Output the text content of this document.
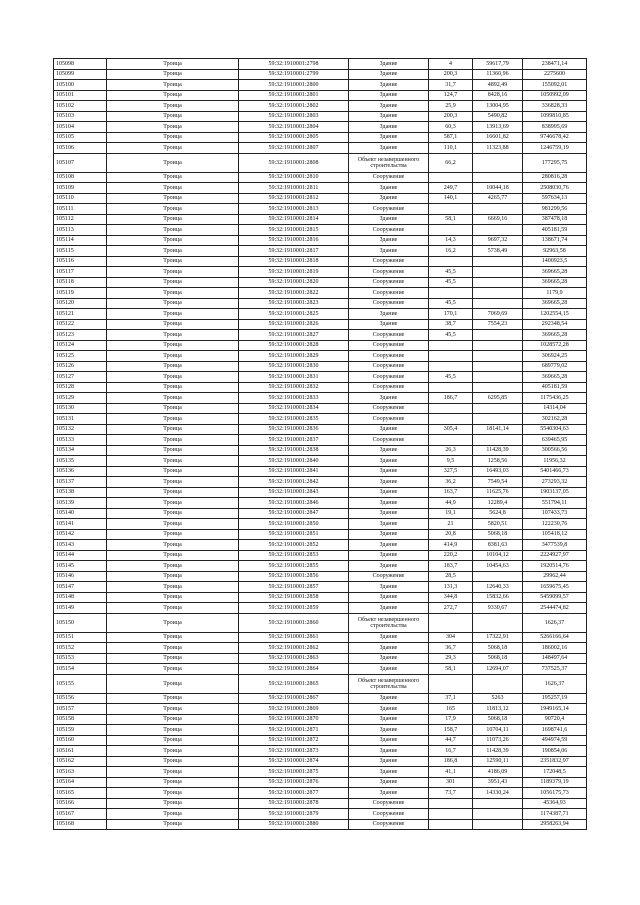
105098	Троица	59:32:1910001:2798	Здание	4	59617,79	238471,14
105099	Троица	59:32:1910001:2799	Здание	200,3	11360,96	2275600
105100	Троица	59:32:1910001:2800	Здание	31,7	4892,49	155092,01
105101	Троица	59:32:1910001:2801	Здание	124,7	8428,16	1050992,09
105102	Троица	59:32:1910001:2802	Здание	25,9	13004,95	336828,33
105103	Троица	59:32:1910001:2803	Здание	200,3	5490,82	1099810,85
105104	Троица	59:32:1910001:2804	Здание	60,3	13913,69	838995,69
105105	Троица	59:32:1910001:2805	Здание	587,1	16601,82	9746678,42
105106	Троица	59:32:1910001:2807	Здание	110,1	11323,88	1246759,19
105107	Троица	59:32:1910001:2808	Объект незавершенного строительства	66,2		177295,75
105108	Троица	59:32:1910001:2810	Сооружение			280816,28
105109	Троица	59:32:1910001:2811	Здание	249,7	10044,18	2508030,76
105110	Троица	59:32:1910001:2812	Здание	140,1	4265,77	597634,13
105111	Троица	59:32:1910001:2813	Сооружение			981299,56
105112	Троица	59:32:1910001:2814	Здание	58,1	6669,16	387478,18
105113	Троица	59:32:1910001:2815	Сооружение			405181,59
105114	Троица	59:32:1910001:2816	Здание	14,3	9697,32	138671,74
105115	Троица	59:32:1910001:2817	Здание	16,2	5738,49	92963,58
105116	Троица	59:32:1910001:2818	Сооружение			1400923,5
105117	Троица	59:32:1910001:2819	Сооружение	45,5		369665,28
105118	Троица	59:32:1910001:2820	Сооружение	45,5		369665,28
105119	Троица	59:32:1910001:2822	Сооружение			1179,9
105120	Троица	59:32:1910001:2823	Сооружение	45,5		369665,28
105121	Троица	59:32:1910001:2825	Здание	170,1	7069,69	1202554,15
105122	Троица	59:32:1910001:2826	Здание	38,7	7554,23	292348,54
105123	Троица	59:32:1910001:2827	Сооружение	45,5		369665,28
105124	Троица	59:32:1910001:2828	Сооружение			1028572,28
105125	Троица	59:32:1910001:2829	Сооружение			306924,25
105126	Троица	59:32:1910001:2830	Сооружение			689779,02
105127	Троица	59:32:1910001:2831	Сооружение	45,5		369665,28
105128	Троица	59:32:1910001:2832	Сооружение			405181,59
105129	Троица	59:32:1910001:2833	Здание	186,7	6295,85	1175436,25
105130	Троица	59:32:1910001:2834	Сооружение			14314,04
105131	Троица	59:32:1910001:2835	Сооружение			302162,28
105132	Троица	59:32:1910001:2836	Здание	305,4	18141,14	5540304,63
105133	Троица	59:32:1910001:2837	Сооружение			639465,95
105134	Троица	59:32:1910001:2838	Здание	26,3	11428,39	300566,56
105135	Троица	59:32:1910001:2840	Здание	9,5	1258,56	11956,32
105136	Троица	59:32:1910001:2841	Здание	327,5	16493,03	5401466,73
105137	Троица	59:32:1910001:2842	Здание	36,2	7549,54	273293,32
105138	Троица	59:32:1910001:2843	Здание	163,7	11625,76	1903137,05
105139	Троица	59:32:1910001:2846	Здание	44,9	12289,4	551794,11
105140	Троица	59:32:1910001:2847	Здание	19,1	5624,8	107433,73
105141	Троица	59:32:1910001:2850	Здание	21	5820,51	122230,76
105142	Троица	59:32:1910001:2851	Здание	20,8	5068,18	105418,12
105143	Троица	59:32:1910001:2852	Здание	414,9	8381,63	3477539,8
105144	Троица	59:32:1910001:2853	Здание	220,2	10104,12	2224927,97
105145	Троица	59:32:1910001:2855	Здание	183,7	10454,63	1920514,76
105146	Троица	59:32:1910001:2856	Сооружение	28,5		29962,44
105147	Троица	59:32:1910001:2857	Здание	131,3	12640,33	1659675,45
105148	Троица	59:32:1910001:2858	Здание	344,8	15832,66	5459099,57
105149	Троица	59:32:1910001:2859	Здание	272,7	9330,67	2544474,82
105150	Троица	59:32:1910001:2860	Объект незавершенного строительства			1626,37
105151	Троица	59:32:1910001:2861	Здание	304	17322,91	5266166,64
105152	Троица	59:32:1910001:2862	Здание	36,7	5068,18	186002,16
105153	Троица	59:32:1910001:2863	Здание	29,3	5068,18	148497,64
105154	Троица	59:32:1910001:2864	Здание	58,1	12694,07	737525,37
105155	Троица	59:32:1910001:2865	Объект незавершенного строительства			1626,37
105156	Троица	59:32:1910001:2867	Здание	37,1	5263	195257,19
105157	Троица	59:32:1910001:2869	Здание	165	11813,12	1949165,14
105158	Троица	59:32:1910001:2870	Здание	17,9	5068,18	90720,4
105159	Троица	59:32:1910001:2871	Здание	158,7	10704,11	1698741,6
105160	Троица	59:32:1910001:2872	Здание	44,7	11073,26	494974,59
105161	Троица	59:32:1910001:2873	Здание	16,7	11428,39	190854,06
105162	Троица	59:32:1910001:2874	Здание	186,8	12590,11	2351832,97
105163	Троица	59:32:1910001:2875	Здание	41,1	4186,09	172048,5
105164	Троица	59:32:1910001:2876	Здание	301	3951,43	1189379,19
105165	Троица	59:32:1910001:2877	Здание	73,7	14330,24	1056175,73
105166	Троица	59:32:1910001:2878	Сооружение			45364,93
105167	Троица	59:32:1910001:2879	Сооружение			1174387,71
105168	Троица	59:32:1910001:2880	Сооружение			2958263,94
